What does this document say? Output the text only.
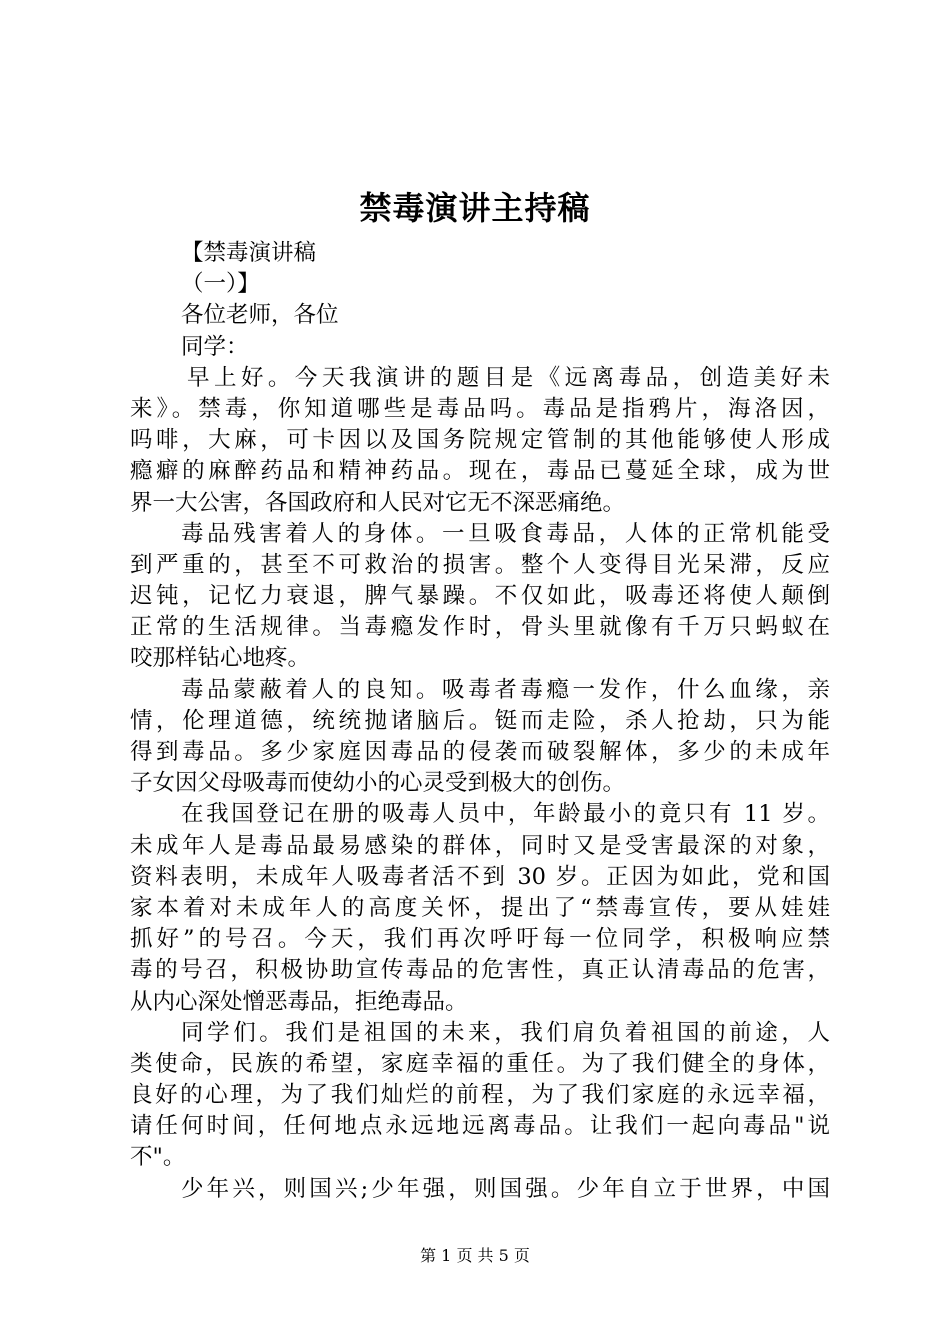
禁毒演讲主持稿
【禁毒演讲稿
（一）】
各位老师，各位
同学：
早上好。今天我演讲的题目是《远离毒品，创造美好未
来》。禁毒，你知道哪些是毒品吗。毒品是指鸦片，海洛因，
吗啡，大麻，可卡因以及国务院规定管制的其他能够使人形成
瘾癖的麻醉药品和精神药品。现在，毒品已蔓延全球，成为世
界一大公害，各国政府和人民对它无不深恶痛绝。
毒品残害着人的身体。一旦吸食毒品，人体的正常机能受
到严重的，甚至不可救治的损害。整个人变得目光呆滞，反应
迟钝，记忆力衰退，脾气暴躁。不仅如此，吸毒还将使人颠倒
正常的生活规律。当毒瘾发作时，骨头里就像有千万只蚂蚁在
咬那样钻心地疼。
毒品蒙蔽着人的良知。吸毒者毒瘾一发作，什么血缘，亲
情，伦理道德，统统抛诸脑后。铤而走险，杀人抢劫，只为能
得到毒品。多少家庭因毒品的侵袭而破裂解体，多少的未成年
子女因父母吸毒而使幼小的心灵受到极大的创伤。
在我国登记在册的吸毒人员中，年龄最小的竟只有 11 岁。
未成年人是毒品最易感染的群体，同时又是受害最深的对象，
资料表明，未成年人吸毒者活不到 30 岁。正因为如此，党和国
家本着对未成年人的高度关怀，提出了“禁毒宣传，要从娃娃
抓好”的号召。今天，我们再次呼吁每一位同学，积极响应禁
毒的号召，积极协助宣传毒品的危害性，真正认清毒品的危害，
从内心深处憎恶毒品，拒绝毒品。
同学们。我们是祖国的未来，我们肩负着祖国的前途，人
类使命，民族的希望，家庭幸福的重任。为了我们健全的身体，
良好的心理，为了我们灿烂的前程，为了我们家庭的永远幸福，
请任何时间，任何地点永远地远离毒品。让我们一起向毒品"说
不"。
少年兴，则国兴;少年强，则国强。少年自立于世界，中国
第 1 页 共 5 页
